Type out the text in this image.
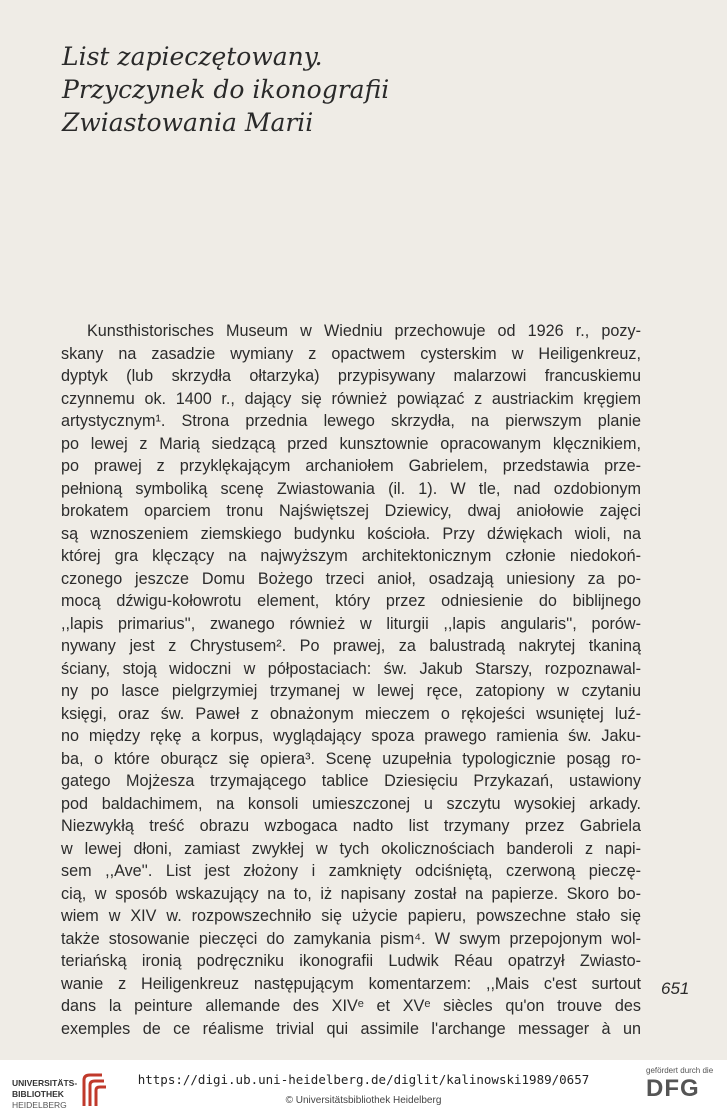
List zapieczętowany.
Przyczynek do ikonografii
Zwiastowania Marii
Kunsthistorisches Museum w Wiedniu przechowuje od 1926 r., pozy-
skany na zasadzie wymiany z opactwem cysterskim w Heiligenkreuz,
dyptyk (lub skrzydła ołtarzyka) przypisywany malarzowi francuskiemu
czynnemu ok. 1400 r., dający się również powiązać z austriackim kręgiem
artystycznym¹. Strona przednia lewego skrzydła, na pierwszym planie
po lewej z Marią siedzącą przed kunsztownie opracowanym klęcznikiem,
po prawej z przyklękającym archaniołem Gabrielem, przedstawia prze-
pełnioną symboliką scenę Zwiastowania (il. 1). W tle, nad ozdobionym
brokatem oparciem tronu Najświętszej Dziewicy, dwaj aniołowie zajęci
są wznoszeniem ziemskiego budynku kościoła. Przy dźwiękach wioli, na
której gra klęczący na najwyższym architektonicznym członie niedokoń-
czonego jeszcze Domu Bożego trzeci anioł, osadzają uniesiony za po-
mocą dźwigu-kołowrotu element, który przez odniesienie do biblijnego
,,lapis primarius'', zwanego również w liturgii ,,lapis angularis'', porów-
nywany jest z Chrystusem². Po prawej, za balustradą nakrytej tkaniną
ściany, stoją widoczni w półpostaciach: św. Jakub Starszy, rozpoznawal-
ny po lasce pielgrzymiej trzymanej w lewej ręce, zatopiony w czytaniu
księgi, oraz św. Paweł z obnażonym mieczem o rękojeści wsuniętej luź-
no między rękę a korpus, wyglądający spoza prawego ramienia św. Jaku-
ba, o które oburącz się opiera³. Scenę uzupełnia typologicznie posąg ro-
gatego Mojżesza trzymającego tablice Dziesięciu Przykazań, ustawiony
pod baldachimem, na konsoli umieszczonej u szczytu wysokiej arkady.
Niezwykłą treść obrazu wzbogaca nadto list trzymany przez Gabriela
w lewej dłoni, zamiast zwykłej w tych okolicznościach banderoli z napi-
sem ,,Ave''. List jest złożony i zamknięty odciśniętą, czerwoną pieczę-
cią, w sposób wskazujący na to, iż napisany został na papierze. Skoro bo-
wiem w XIV w. rozpowszechniło się użycie papieru, powszechne stało się
także stosowanie pieczęci do zamykania pism⁴. W swym przepojonym wol-
teriańską ironią podręczniku ikonografii Ludwik Réau opatrzył Zwiasto-
wanie z Heiligenkreuz następującym komentarzem: ,,Mais c'est surtout
dans la peinture allemande des XIVᵉ et XVᵉ siècles qu'on trouve des
exemples de ce réalisme trivial qui assimile l'archange messager à un
651
UNIVERSITÄTS-
BIBLIOTHEK
HEIDELBERG
https://digi.ub.uni-heidelberg.de/diglit/kalinowski1989/0657
© Universitätsbibliothek Heidelberg
gefördert durch die
DFG
